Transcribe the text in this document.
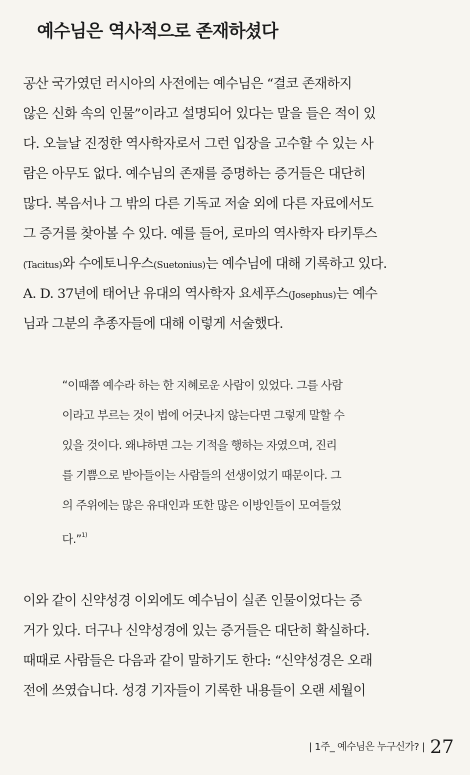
예수님은 역사적으로 존재하셨다
공산 국가였던 러시아의 사전에는 예수님은 “결코 존재하지
않은 신화 속의 인물”이라고 설명되어 있다는 말을 들은 적이 있
다. 오늘날 진정한 역사학자로서 그런 입장을 고수할 수 있는 사
람은 아무도 없다. 예수님의 존재를 증명하는 증거들은 대단히
많다. 복음서나 그 밖의 다른 기독교 저술 외에 다른 자료에서도
그 증거를 찾아볼 수 있다. 예를 들어, 로마의 역사학자 타키투스
(Tacitus)와 수에토니우스(Suetonius)는 예수님에 대해 기록하고 있다.
A. D. 37년에 태어난 유대의 역사학자 요세푸스(Josephus)는 예수
님과 그분의 추종자들에 대해 이렇게 서술했다.
“이때쯤 예수라 하는 한 지혜로운 사람이 있었다. 그를 사람
이라고 부르는 것이 법에 어긋나지 않는다면 그렇게 말할 수
있을 것이다. 왜냐하면 그는 기적을 행하는 자였으며, 진리
를 기쁨으로 받아들이는 사람들의 선생이었기 때문이다. 그
의 주위에는 많은 유대인과 또한 많은 이방인들이 모여들었
다.”$^{1)}$
이와 같이 신약성경 이외에도 예수님이 실존 인물이었다는 증
거가 있다. 더구나 신약성경에 있는 증거들은 대단히 확실하다.
때때로 사람들은 다음과 같이 말하기도 한다: “신약성경은 오래
전에 쓰였습니다. 성경 기자들이 기록한 내용들이 오랜 세월이
| 1주_ 예수님은 누구신가? | 27
